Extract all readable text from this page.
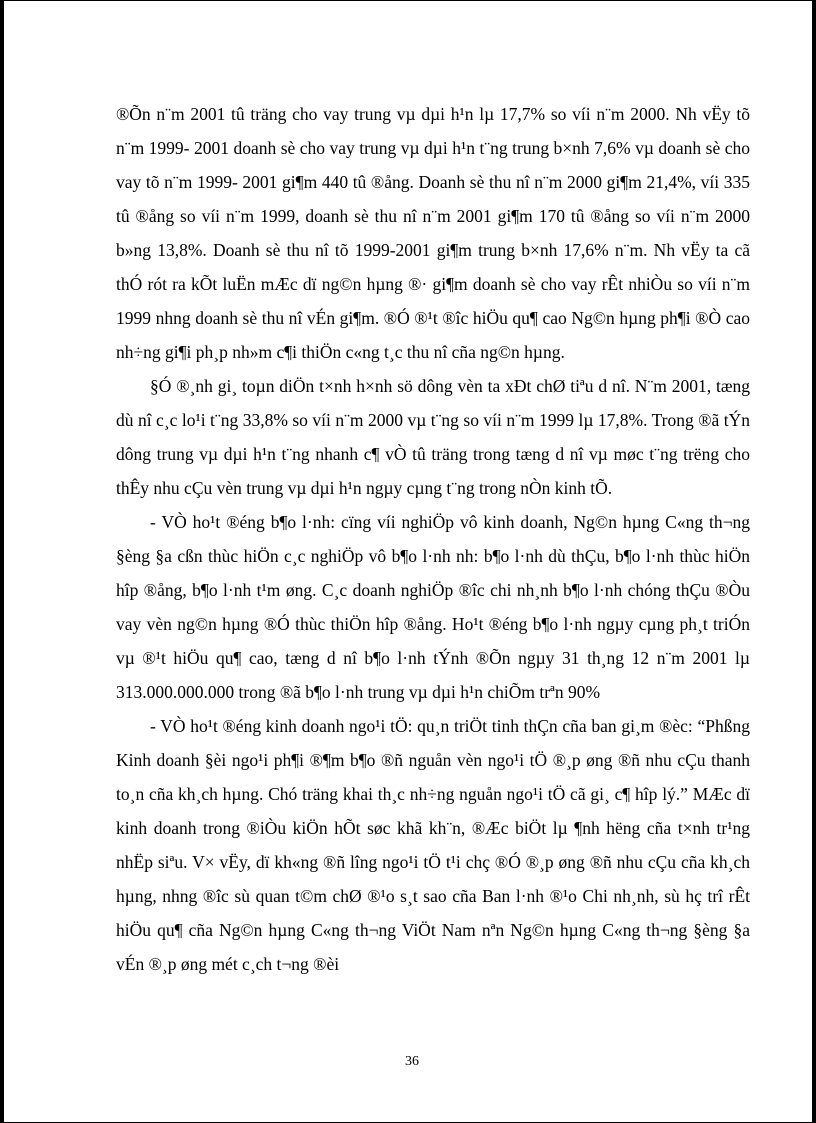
®Õn n¨m 2001 tû träng cho vay trung vµ dµi h¹n lµ 17,7% so víi n¨m 2000. Nh vËy tõ n¨m 1999- 2001 doanh sè cho vay trung vµ dµi h¹n t¨ng trung b×nh 7,6% vµ doanh sè cho vay tõ n¨m 1999- 2001 gi¶m 440 tû ®ång. Doanh sè thu nî n¨m 2000 gi¶m 21,4%, víi 335 tû ®ång so víi n¨m 1999, doanh sè thu nî n¨m 2001 gi¶m 170 tû ®ång so víi n¨m 2000 b»ng 13,8%. Doanh sè thu nî tõ 1999-2001 gi¶m trung b×nh 17,6% n¨m. Nh vËy ta cã thÓ rót ra kÕt luËn mÆc dï ng©n hµng ®· gi¶m doanh sè cho vay rÊt nhiÒu so víi n¨m 1999 nhng doanh sè thu nî vÉn gi¶m. ®Ó ®¹t ®îc hiÖu qu¶ cao Ng©n hµng ph¶i ®Ò cao nh÷ng gi¶i ph¸p nh»m c¶i thiÖn c«ng t¸c thu nî cña ng©n hµng.

§Ó ®¸nh gi¸ toµn diÖn t×nh h×nh sö dông vèn ta xÐt chØ tiªu d nî. N¨m 2001, tæng dù nî c¸c lo¹i t¨ng 33,8% so víi n¨m 2000 vµ t¨ng so víi n¨m 1999 lµ 17,8%. Trong ®ã tÝn dông trung vµ dµi h¹n t¨ng nhanh c¶ vÒ tû träng trong tæng d nî vµ møc t¨ng trëng cho thÊy nhu cÇu vèn trung vµ dµi h¹n ngµy cµng t¨ng trong nÒn kinh tÕ.

- VÒ ho¹t ®éng b¶o l·nh: cïng víi nghiÖp vô kinh doanh, Ng©n hµng C«ng th¬ng §èng §a cßn thùc hiÖn c¸c nghiÖp vô b¶o l·nh nh: b¶o l·nh dù thÇu, b¶o l·nh thùc hiÖn hîp ®ång, b¶o l·nh t¹m øng. C¸c doanh nghiÖp ®îc chi nh¸nh b¶o l·nh chóng thÇu ®Òu vay vèn ng©n hµng ®Ó thùc thiÖn hîp ®ång. Ho¹t ®éng b¶o l·nh ngµy cµng ph¸t triÓn vµ ®¹t hiÖu qu¶ cao, tæng d nî b¶o l·nh tÝnh ®Õn ngµy 31 th¸ng 12 n¨m 2001 lµ 313.000.000.000 trong ®ã b¶o l·nh trung vµ dµi h¹n chiÕm trªn 90%

- VÒ ho¹t ®éng kinh doanh ngo¹i tÖ: qu¸n triÖt tinh thÇn cña ban gi¸m ®èc: “Phßng Kinh doanh §èi ngo¹i ph¶i ®¶m b¶o ®ñ nguån vèn ngo¹i tÖ ®¸p øng ®ñ nhu cÇu thanh to¸n cña kh¸ch hµng. Chó träng khai th¸c nh÷ng nguån ngo¹i tÖ cã gi¸ c¶ hîp lý.” MÆc dï kinh doanh trong ®iÒu kiÖn hÕt søc khã kh¨n, ®Æc biÖt lµ ¶nh hëng cña t×nh tr¹ng nhËp siªu. V× vËy, dï kh«ng ®ñ lîng ngo¹i tÖ t¹i chç ®Ó ®¸p øng ®ñ nhu cÇu cña kh¸ch hµng, nhng ®îc sù quan t©m chØ ®¹o s¸t sao cña Ban l·nh ®¹o Chi nh¸nh, sù hç trî rÊt hiÖu qu¶ cña Ng©n hµng C«ng th¬ng ViÖt Nam nªn Ng©n hµng C«ng th¬ng §èng §a vÉn ®¸p øng mét c¸ch t¬ng ®èi

36
